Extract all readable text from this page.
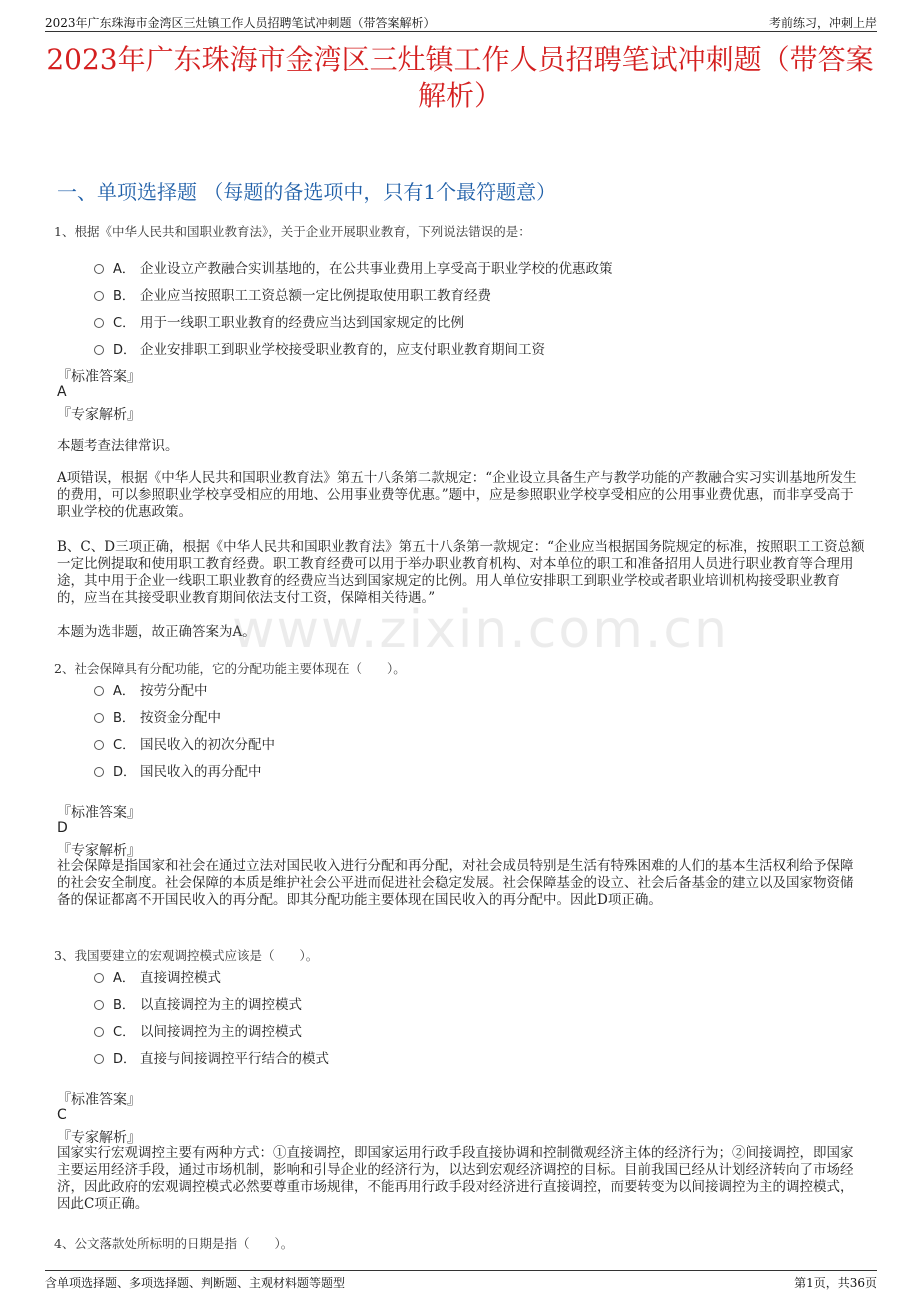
2023年广东珠海市金湾区三灶镇工作人员招聘笔试冲刺题（带答案解析）	考前练习，冲刺上岸
2023年广东珠海市金湾区三灶镇工作人员招聘笔试冲刺题（带答案解析）
一、单项选择题 （每题的备选项中，只有1个最符题意）
1、根据《中华人民共和国职业教育法》，关于企业开展职业教育，下列说法错误的是：
A． 企业设立产教融合实训基地的，在公共事业费用上享受高于职业学校的优惠政策
B． 企业应当按照职工工资总额一定比例提取使用职工教育经费
C． 用于一线职工职业教育的经费应当达到国家规定的比例
D． 企业安排职工到职业学校接受职业教育的，应支付职业教育期间工资
『标准答案』
A
『专家解析』

本题考查法律常识。

A项错误，根据《中华人民共和国职业教育法》第五十八条第二款规定：“企业设立具备生产与教学功能的产教融合实习实训基地所发生的费用，可以参照职业学校享受相应的用地、公用事业费等优惠。”题中，应是参照职业学校享受相应的公用事业费优惠，而非享受高于职业学校的优惠政策。

B、C、D三项正确，根据《中华人民共和国职业教育法》第五十八条第一款规定：“企业应当根据国务院规定的标准，按照职工工资总额一定比例提取和使用职工教育经费。职工教育经费可以用于举办职业教育机构、对本单位的职工和准备招用人员进行职业教育等合理用途，其中用于企业一线职工职业教育的经费应当达到国家规定的比例。用人单位安排职工到职业学校或者职业培训机构接受职业教育的，应当在其接受职业教育期间依法支付工资，保障相关待遇。”

本题为选非题，故正确答案为A。

www.zixin.com.cn
2、社会保障具有分配功能，它的分配功能主要体现在（　　）。
A． 按劳分配中
B． 按资金分配中
C． 国民收入的初次分配中
D． 国民收入的再分配中
『标准答案』
D
『专家解析』

社会保障是指国家和社会在通过立法对国民收入进行分配和再分配，对社会成员特别是生活有特殊困难的人们的基本生活权利给予保障的社会安全制度。社会保障的本质是维护社会公平进而促进社会稳定发展。社会保障基金的设立、社会后备基金的建立以及国家物资储备的保证都离不开国民收入的再分配。即其分配功能主要体现在国民收入的再分配中。因此D项正确。

3、我国要建立的宏观调控模式应该是（　　）。
A． 直接调控模式
B． 以直接调控为主的调控模式
C． 以间接调控为主的调控模式
D． 直接与间接调控平行结合的模式
『标准答案』
C
『专家解析』

国家实行宏观调控主要有两种方式：①直接调控，即国家运用行政手段直接协调和控制微观经济主体的经济行为；②间接调控，即国家主要运用经济手段，通过市场机制，影响和引导企业的经济行为，以达到宏观经济调控的目标。目前我国已经从计划经济转向了市场经济，因此政府的宏观调控模式必然要尊重市场规律，不能再用行政手段对经济进行直接调控，而要转变为以间接调控为主的调控模式，因此C项正确。

4、公文落款处所标明的日期是指（　　）。
含单项选择题、多项选择题、判断题、主观材料题等题型	第1页，共36页
